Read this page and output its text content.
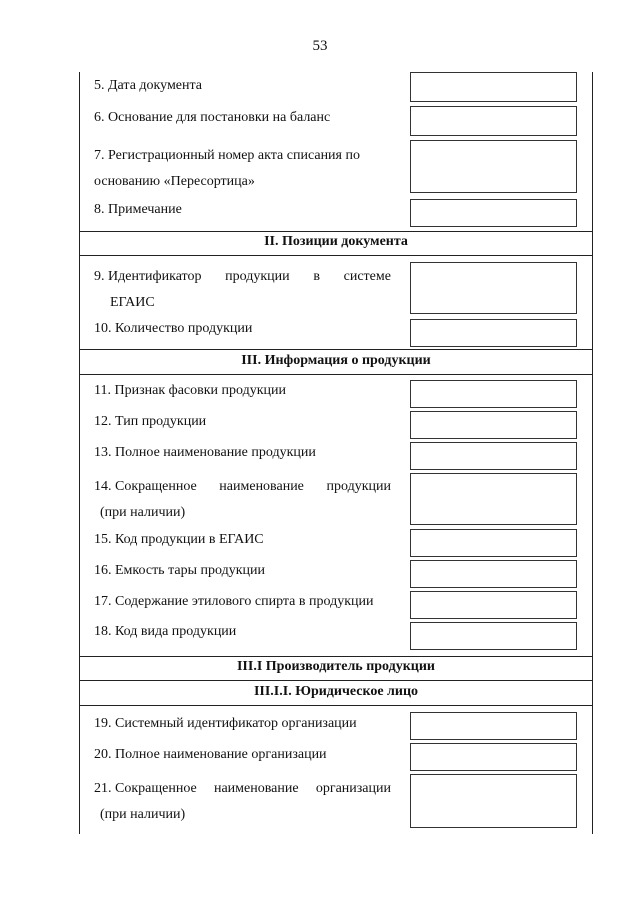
53
5. Дата документа
6. Основание для постановки на баланс
7. Регистрационный номер акта списания по
основанию «Пересортица»
8. Примечание
II. Позиции документа
9. Идентификатор продукции в системе
ЕГАИС
10. Количество продукции
III. Информация о продукции
11. Признак фасовки продукции
12. Тип продукции
13. Полное наименование продукции
14. Сокращенное наименование продукции
(при наличии)
15. Код продукции в ЕГАИС
16. Емкость тары продукции
17. Содержание этилового спирта в продукции
18. Код вида продукции
III.I Производитель продукции
III.I.I. Юридическое лицо
19. Системный идентификатор организации
20. Полное наименование организации
21. Сокращенное наименование организации
(при наличии)
